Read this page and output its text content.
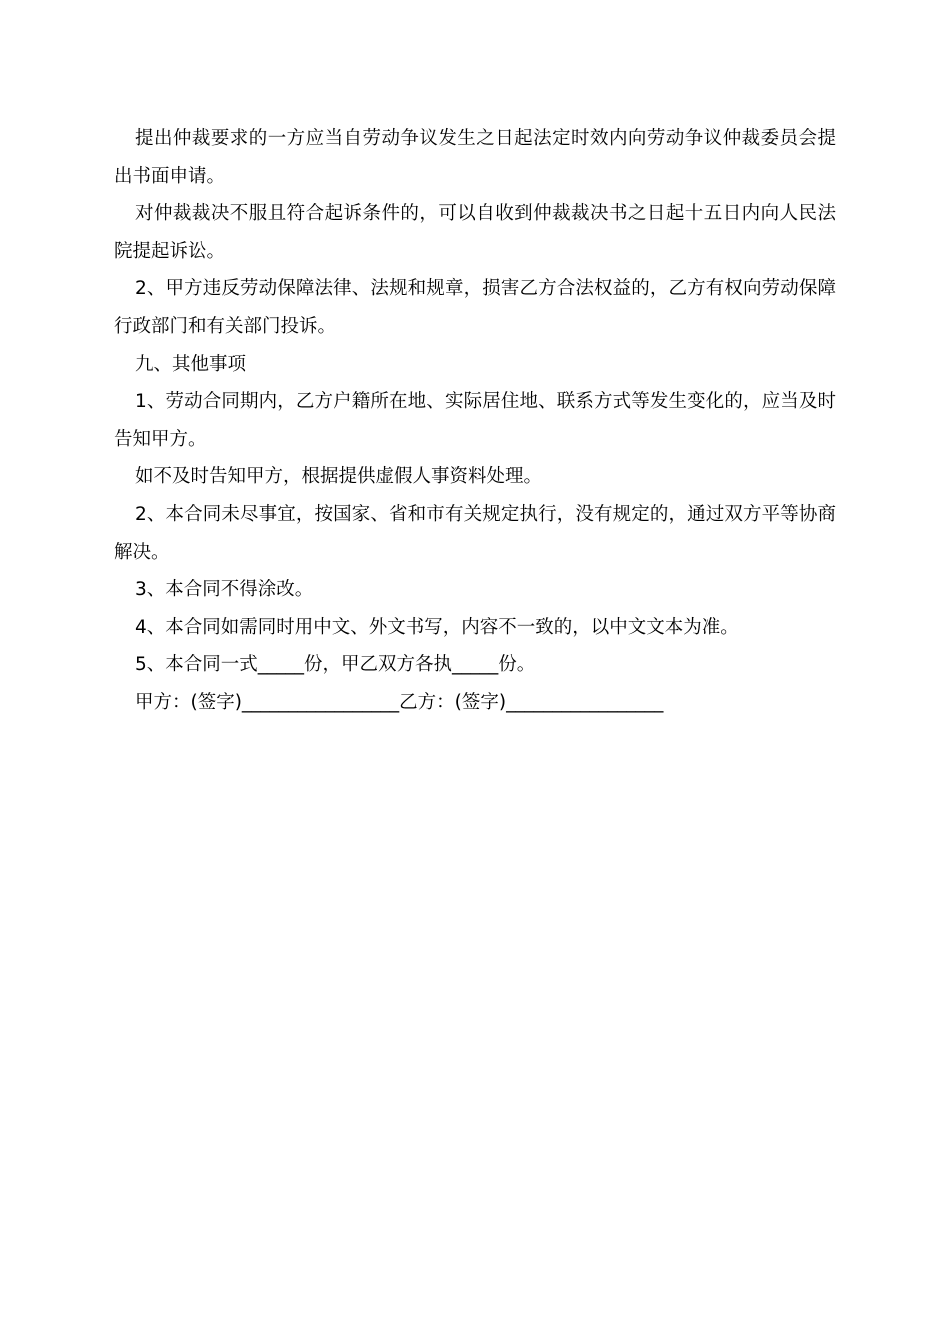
提出仲裁要求的一方应当自劳动争议发生之日起法定时效内向劳动争议仲裁委员会提出书面申请。

对仲裁裁决不服且符合起诉条件的，可以自收到仲裁裁决书之日起十五日内向人民法院提起诉讼。

2、甲方违反劳动保障法律、法规和规章，损害乙方合法权益的，乙方有权向劳动保障行政部门和有关部门投诉。

九、其他事项

1、劳动合同期内，乙方户籍所在地、实际居住地、联系方式等发生变化的，应当及时告知甲方。

如不及时告知甲方，根据提供虚假人事资料处理。

2、本合同未尽事宜，按国家、省和市有关规定执行，没有规定的，通过双方平等协商解决。

3、本合同不得涂改。

4、本合同如需同时用中文、外文书写，内容不一致的，以中文文本为准。

5、本合同一式_____份，甲乙双方各执_____份。

甲方：(签字)_________________乙方：(签字)_________________
